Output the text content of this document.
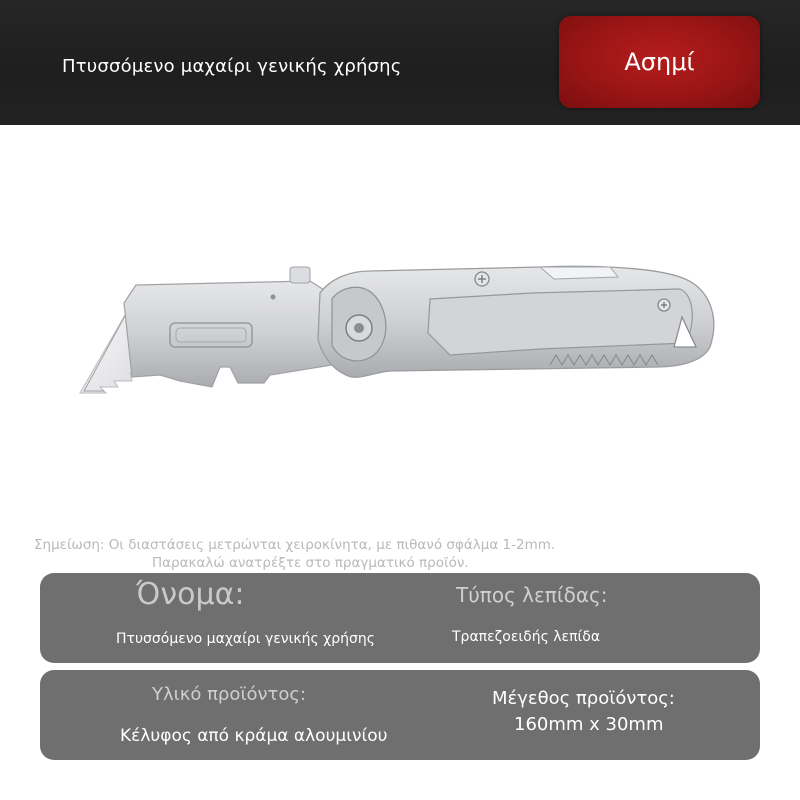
Πτυσσόμενο μαχαίρι γενικής χρήσης	Ασημί
Σημείωση: Οι διαστάσεις μετρώνται χειροκίνητα, με πιθανό σφάλμα 1-2mm.
Παρακαλώ ανατρέξτε στο πραγματικό προϊόν.
Όνομα:
Πτυσσόμενο μαχαίρι γενικής χρήσης
Τύπος λεπίδας:
Τραπεζοειδής λεπίδα
Υλικό προϊόντος:
Κέλυφος από κράμα αλουμινίου
Μέγεθος προϊόντος:
160mm x 30mm
